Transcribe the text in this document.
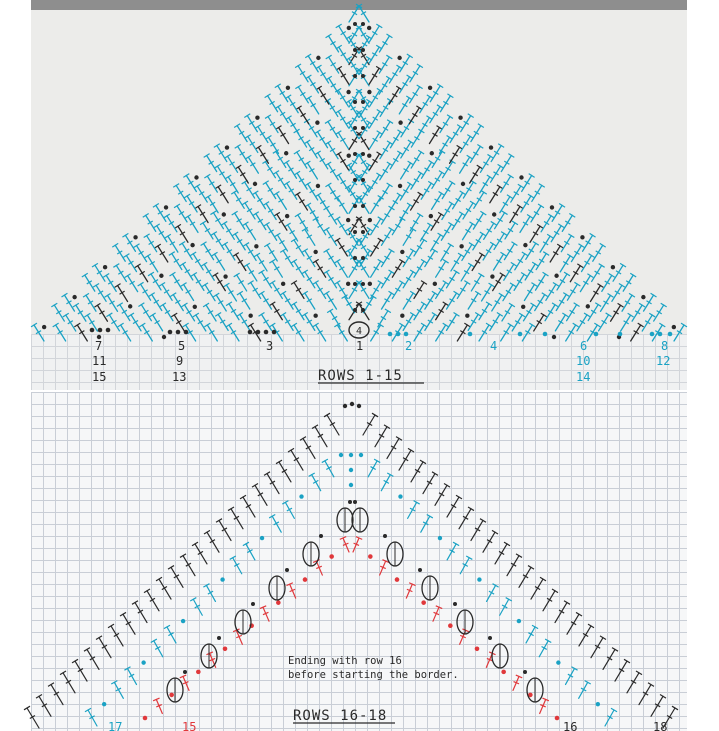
4
7
11
15
5
9
13
3	1	2	4	6
10
14
8
12
ROWS 1-15
Ending with row 16
before starting the border.
ROWS 16-18
17	15	16	18
